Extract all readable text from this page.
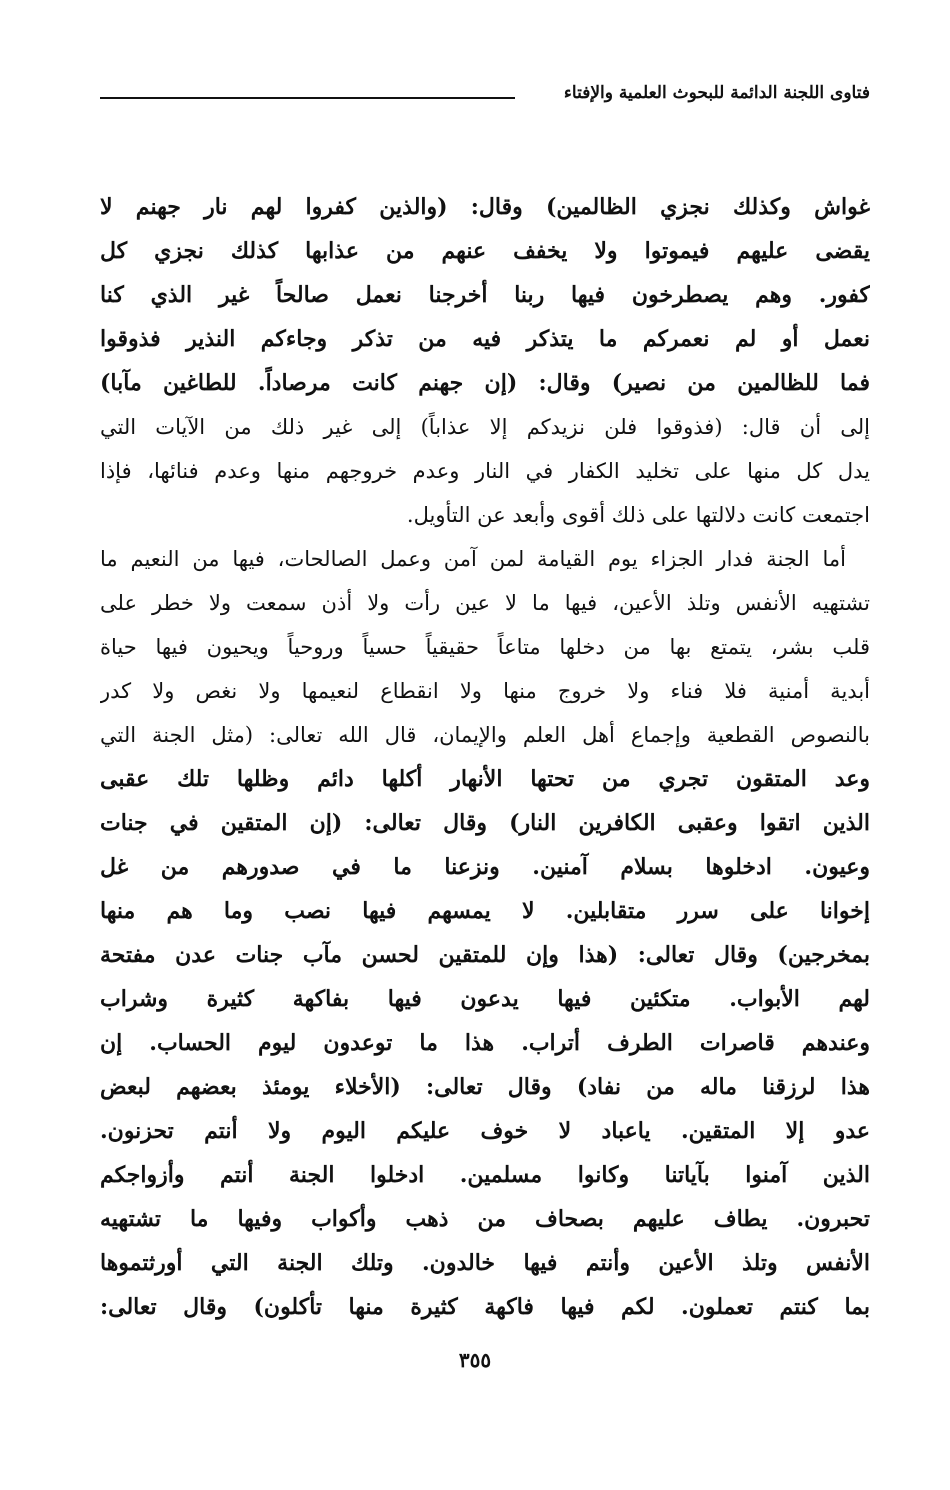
فتاوى اللجنة الدائمة للبحوث العلمية والإفتاء
غواش وكذلك نجزي الظالمين) وقال: (والذين كفروا لهم نار جهنم لا
يقضى عليهم فيموتوا ولا يخفف عنهم من عذابها كذلك نجزي كل
كفور. وهم يصطرخون فيها ربنا أخرجنا نعمل صالحاً غير الذي كنا
نعمل أو لم نعمركم ما يتذكر فيه من تذكر وجاءكم النذير فذوقوا
فما للظالمين من نصير) وقال: (إن جهنم كانت مرصاداً. للطاغين مآبا)
إلى أن قال: (فذوقوا فلن نزيدكم إلا عذاباً) إلى غير ذلك من الآيات التي
يدل كل منها على تخليد الكفار في النار وعدم خروجهم منها وعدم فنائها، فإذا
اجتمعت كانت دلالتها على ذلك أقوى وأبعد عن التأويل.
أما الجنة فدار الجزاء يوم القيامة لمن آمن وعمل الصالحات، فيها من النعيم ما
تشتهيه الأنفس وتلذ الأعين، فيها ما لا عين رأت ولا أذن سمعت ولا خطر على
قلب بشر، يتمتع بها من دخلها متاعاً حقيقياً حسياً وروحياً ويحيون فيها حياة
أبدية أمنية فلا فناء ولا خروج منها ولا انقطاع لنعيمها ولا نغص ولا كدر
بالنصوص القطعية وإجماع أهل العلم والإيمان، قال الله تعالى: (مثل الجنة التي
وعد المتقون تجري من تحتها الأنهار أكلها دائم وظلها تلك عقبى
الذين اتقوا وعقبى الكافرين النار) وقال تعالى: (إن المتقين في جنات
وعيون. ادخلوها بسلام آمنين. ونزعنا ما في صدورهم من غل
إخوانا على سرر متقابلين. لا يمسهم فيها نصب وما هم منها
بمخرجين) وقال تعالى: (هذا وإن للمتقين لحسن مآب جنات عدن مفتحة
لهم الأبواب. متكئين فيها يدعون فيها بفاكهة كثيرة وشراب
وعندهم قاصرات الطرف أتراب. هذا ما توعدون ليوم الحساب. إن
هذا لرزقنا ماله من نفاد) وقال تعالى: (الأخلاء يومئذ بعضهم لبعض
عدو إلا المتقين. ياعباد لا خوف عليكم اليوم ولا أنتم تحزنون.
الذين آمنوا بآياتنا وكانوا مسلمين. ادخلوا الجنة أنتم وأزواجكم
تحبرون. يطاف عليهم بصحاف من ذهب وأكواب وفيها ما تشتهيه
الأنفس وتلذ الأعين وأنتم فيها خالدون. وتلك الجنة التي أورثتموها
بما كنتم تعملون. لكم فيها فاكهة كثيرة منها تأكلون) وقال تعالى:
٣٥٥
